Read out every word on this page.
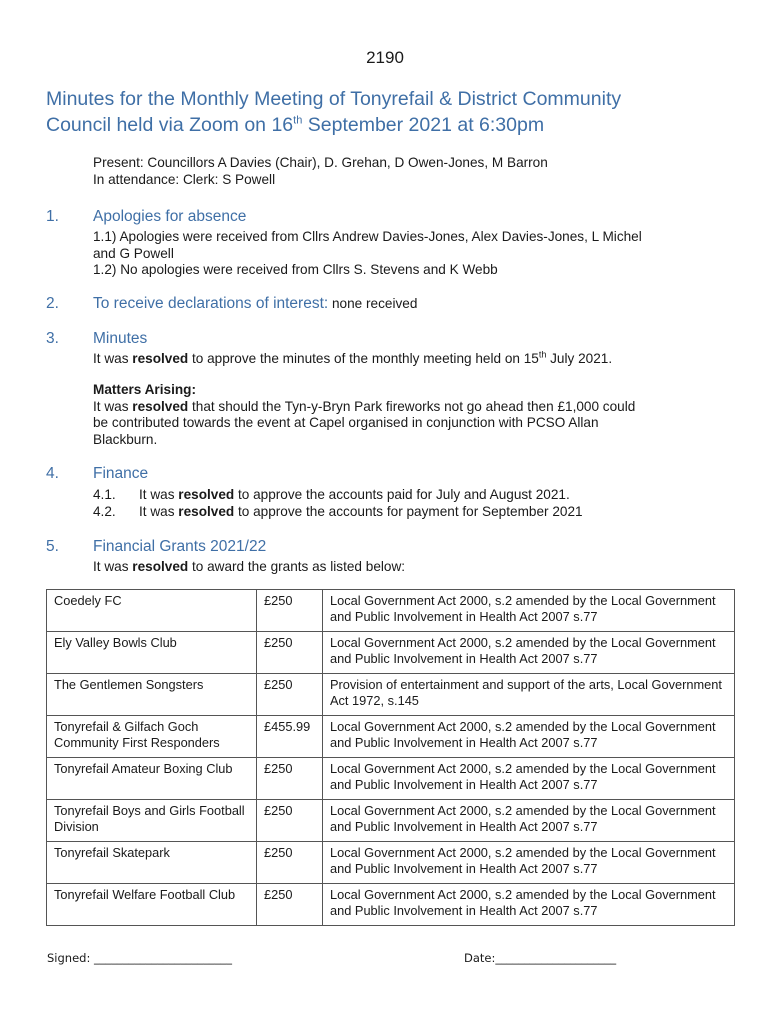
2190
Minutes for the Monthly Meeting of Tonyrefail & District Community
Council held via Zoom on 16th September 2021 at 6:30pm
Present: Councillors A Davies (Chair), D. Grehan, D Owen-Jones, M Barron
In attendance: Clerk: S Powell
1. Apologies for absence
1.1) Apologies were received from Cllrs Andrew Davies-Jones, Alex Davies-Jones, L Michel
and G Powell
1.2) No apologies were received from Cllrs S. Stevens and K Webb
2. To receive declarations of interest: none received
3. Minutes
It was resolved to approve the minutes of the monthly meeting held on 15th July 2021.
Matters Arising:
It was resolved that should the Tyn-y-Bryn Park fireworks not go ahead then £1,000 could
be contributed towards the event at Capel organised in conjunction with PCSO Allan
Blackburn.
4. Finance
4.1. It was resolved to approve the accounts paid for July and August 2021.
4.2. It was resolved to approve the accounts for payment for September 2021
5. Financial Grants 2021/22
It was resolved to award the grants as listed below:
Coedely FC	£250	Local Government Act 2000, s.2 amended by the Local Government and Public Involvement in Health Act 2007 s.77
Ely Valley Bowls Club	£250	Local Government Act 2000, s.2 amended by the Local Government and Public Involvement in Health Act 2007 s.77
The Gentlemen Songsters	£250	Provision of entertainment and support of the arts, Local Government Act 1972, s.145
Tonyrefail & Gilfach Goch Community First Responders	£455.99	Local Government Act 2000, s.2 amended by the Local Government and Public Involvement in Health Act 2007 s.77
Tonyrefail Amateur Boxing Club	£250	Local Government Act 2000, s.2 amended by the Local Government and Public Involvement in Health Act 2007 s.77
Tonyrefail Boys and Girls Football Division	£250	Local Government Act 2000, s.2 amended by the Local Government and Public Involvement in Health Act 2007 s.77
Tonyrefail Skatepark	£250	Local Government Act 2000, s.2 amended by the Local Government and Public Involvement in Health Act 2007 s.77
Tonyrefail Welfare Football Club	£250	Local Government Act 2000, s.2 amended by the Local Government and Public Involvement in Health Act 2007 s.77
Signed: ________________________	Date:_____________________
